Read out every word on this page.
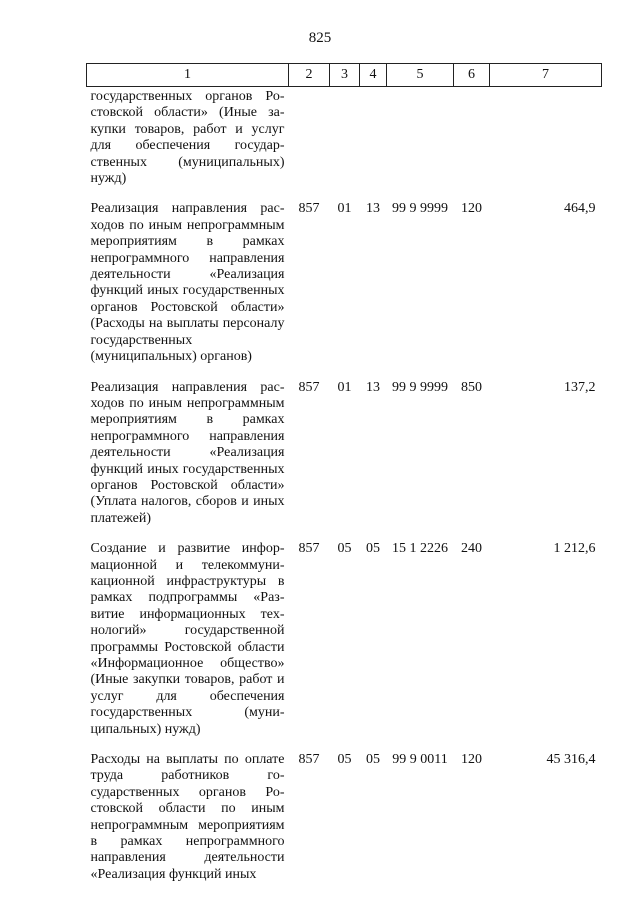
825
1	2	3	4	5	6	7
государственных органов Ростовской области» (Иные закупки товаров, работ и услуг для обеспечения государственных (муниципальных) нужд)						
Реализация направления расходов по иным непрограммным мероприятиям в рамках непрограммного направления деятельности «Реализация функций иных государственных органов Ростовской области» (Расходы на выплаты персоналу государственных (муниципальных) органов)	857	01	13	99 9 9999	120	464,9
Реализация направления расходов по иным непрограммным мероприятиям в рамках непрограммного направления деятельности «Реализация функций иных государственных органов Ростовской области» (Уплата налогов, сборов и иных платежей)	857	01	13	99 9 9999	850	137,2
Создание и развитие информационной и телекоммуникационной инфраструктуры в рамках подпрограммы «Развитие информационных технологий» государственной программы Ростовской области «Информационное общество» (Иные закупки товаров, работ и услуг для обеспечения государственных (муниципальных) нужд)	857	05	05	15 1 2226	240	1 212,6
Расходы на выплаты по оплате труда работников государственных органов Ростовской области по иным непрограммным мероприятиям в рамках непрограммного направления деятельности «Реализация функций иных	857	05	05	99 9 0011	120	45 316,4
